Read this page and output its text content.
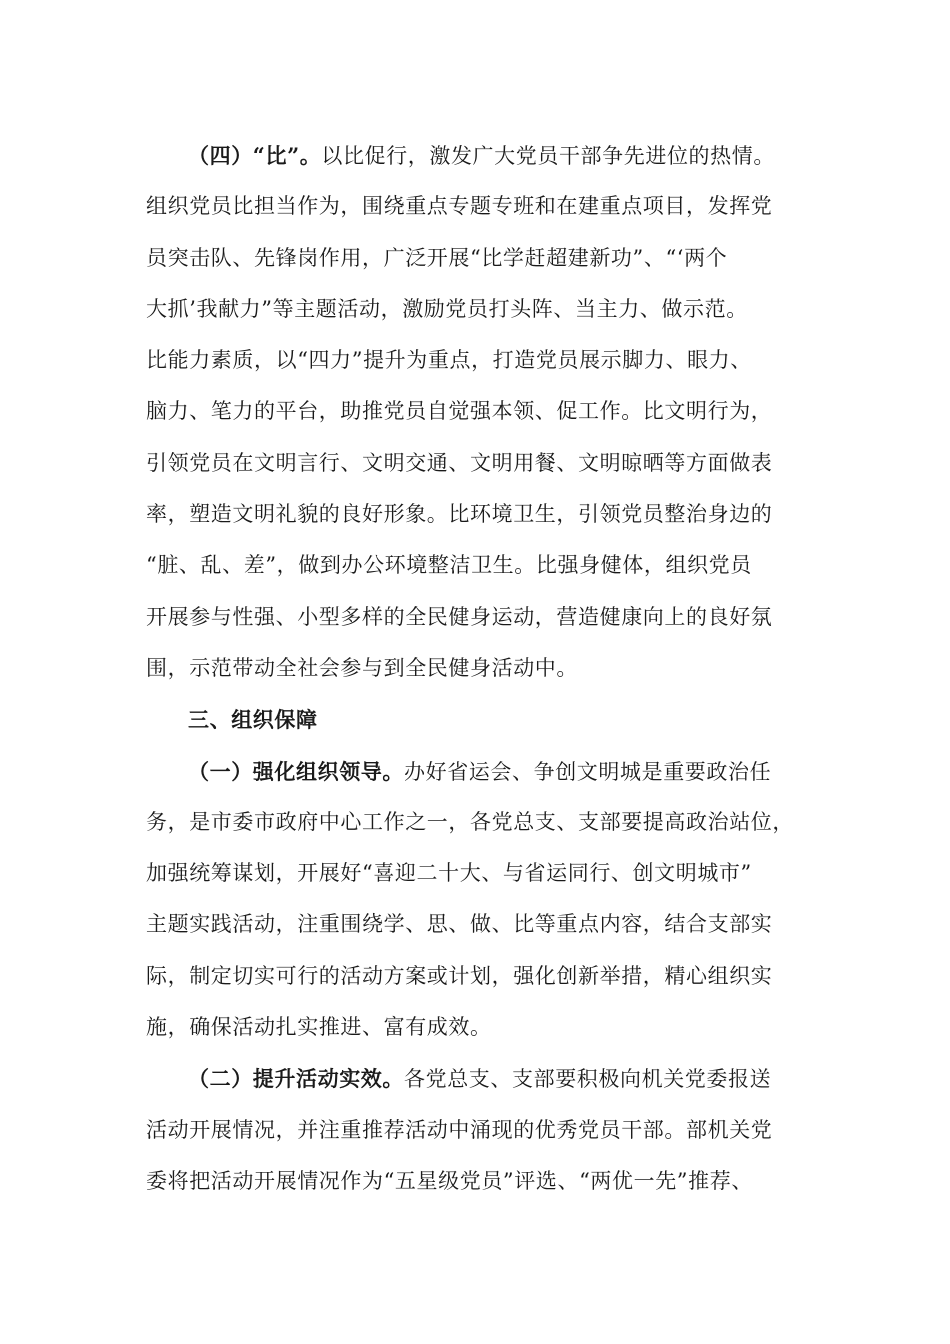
（四）“比”。以比促行，激发广大党员干部争先进位的热情。
组织党员比担当作为，围绕重点专题专班和在建重点项目，发挥党
员突击队、先锋岗作用，广泛开展“比学赶超建新功”、“‘两个
大抓’我献力”等主题活动，激励党员打头阵、当主力、做示范。
比能力素质，以“四力”提升为重点，打造党员展示脚力、眼力、
脑力、笔力的平台，助推党员自觉强本领、促工作。比文明行为，
引领党员在文明言行、文明交通、文明用餐、文明晾晒等方面做表
率，塑造文明礼貌的良好形象。比环境卫生，引领党员整治身边的
“脏、乱、差”，做到办公环境整洁卫生。比强身健体，组织党员
开展参与性强、小型多样的全民健身运动，营造健康向上的良好氛
围，示范带动全社会参与到全民健身活动中。
三、组织保障
（一）强化组织领导。办好省运会、争创文明城是重要政治任
务，是市委市政府中心工作之一，各党总支、支部要提高政治站位，
加强统筹谋划，开展好“喜迎二十大、与省运同行、创文明城市”
主题实践活动，注重围绕学、思、做、比等重点内容，结合支部实
际，制定切实可行的活动方案或计划，强化创新举措，精心组织实
施，确保活动扎实推进、富有成效。
（二）提升活动实效。各党总支、支部要积极向机关党委报送
活动开展情况，并注重推荐活动中涌现的优秀党员干部。部机关党
委将把活动开展情况作为“五星级党员”评选、“两优一先”推荐、
